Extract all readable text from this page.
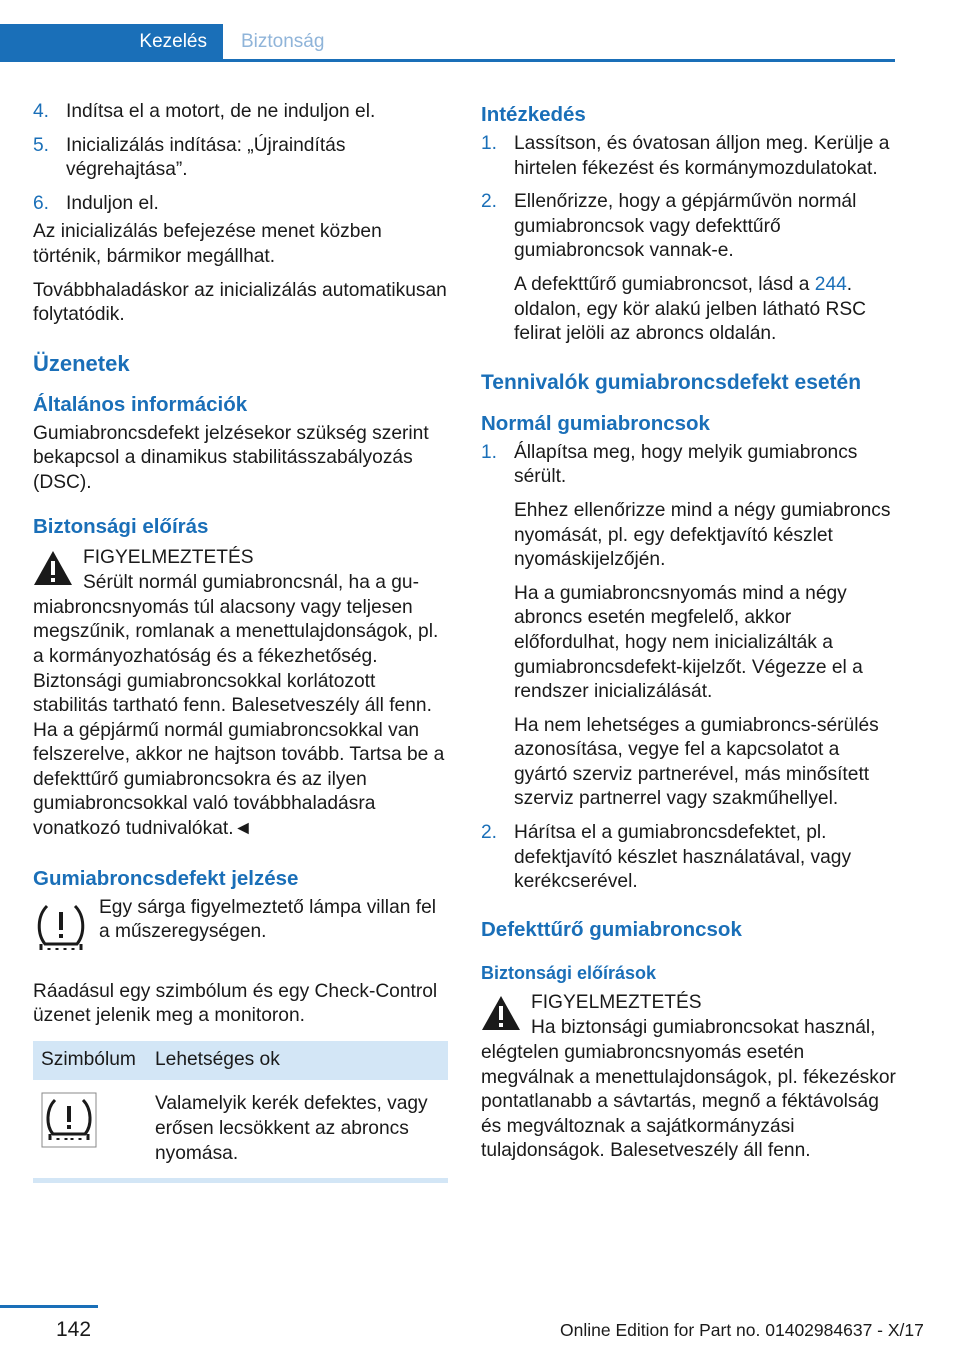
Kezelés	Biztonság
4. Indítsa el a motort, de ne induljon el.
5. Inicializálás indítása: „Újraindítás végrehajtása”.
6. Induljon el.

Az inicializálás befejezése menet közben történik, bármikor megállhat.

Továbbhaladáskor az inicializálás automatikusan folytatódik.

Üzenetek
Általános információk

Gumiabroncsdefekt jelzésekor szükség szerint bekapcsol a dinamikus stabilitásszabályozás (DSC).

Biztonsági előírás
FIGYELMEZTETÉS
Sérült normál gumiabroncsnál, ha a gu-
miabroncsnyomás túl alacsony vagy teljesen megszűnik, romlanak a menettulajdonságok, pl. a kormányozhatóság és a fékezhetőség. Biztonsági gumiabroncsokkal korlátozott stabilitás tartható fenn. Balesetveszély áll fenn. Ha a gépjármű normál gumiabroncsokkal van felszerelve, akkor ne hajtson tovább. Tartsa be a defekttűrő gumiabroncsokra és az ilyen gumiabroncsokkal való továbbhaladásra vonatkozó tudnivalókat.◄
Gumiabroncsdefekt jelzése
Egy sárga figyelmeztető lámpa villan fel a műszeregységen.

Ráadásul egy szimbólum és egy Check-Control üzenet jelenik meg a monitoron.

Szimbólum	Lehetséges ok
	Valamelyik kerék defektes, vagy erősen lecsökkent az abroncs nyomása.
Intézkedés
1. Lassítson, és óvatosan álljon meg. Kerülje a hirtelen fékezést és kormánymozdulatokat.
2. Ellenőrizze, hogy a gépjárművön normál gumiabroncsok vagy defekttűrő gumiabroncsok vannak-e.

A defekttűrő gumiabroncsot, lásd a 244. oldalon, egy kör alakú jelben látható RSC felirat jelöli az abroncs oldalán.

Tennivalók gumiabroncsdefekt esetén
Normál gumiabroncsok
1. Állapítsa meg, hogy melyik gumiabroncs sérült.

Ehhez ellenőrizze mind a négy gumiabroncs nyomását, pl. egy defektjavító készlet nyomáskijelzőjén.

Ha a gumiabroncsnyomás mind a négy abroncs esetén megfelelő, akkor előfordulhat, hogy nem inicializálták a gumiabroncsdefekt-kijelzőt. Végezze el a rendszer inicializálását.

Ha nem lehetséges a gumiabroncs-sérülés azonosítása, vegye fel a kapcsolatot a gyártó szerviz partnerével, más minősített szerviz partnerrel vagy szakműhellyel.

2. Hárítsa el a gumiabroncsdefektet, pl. defektjavító készlet használatával, vagy kerékcserével.
Defekttűrő gumiabroncsok
Biztonsági előírások
FIGYELMEZTETÉS
Ha biztonsági gumiabroncsokat használ,
elégtelen gumiabroncsnyomás esetén megválnak a menettulajdonságok, pl. fékezéskor pontatlanabb a sávtartás, megnő a féktávolság és megváltoznak a sajátkormányzási tulajdonságok. Balesetveszély áll fenn.
142	Online Edition for Part no. 01402984637 - X/17
